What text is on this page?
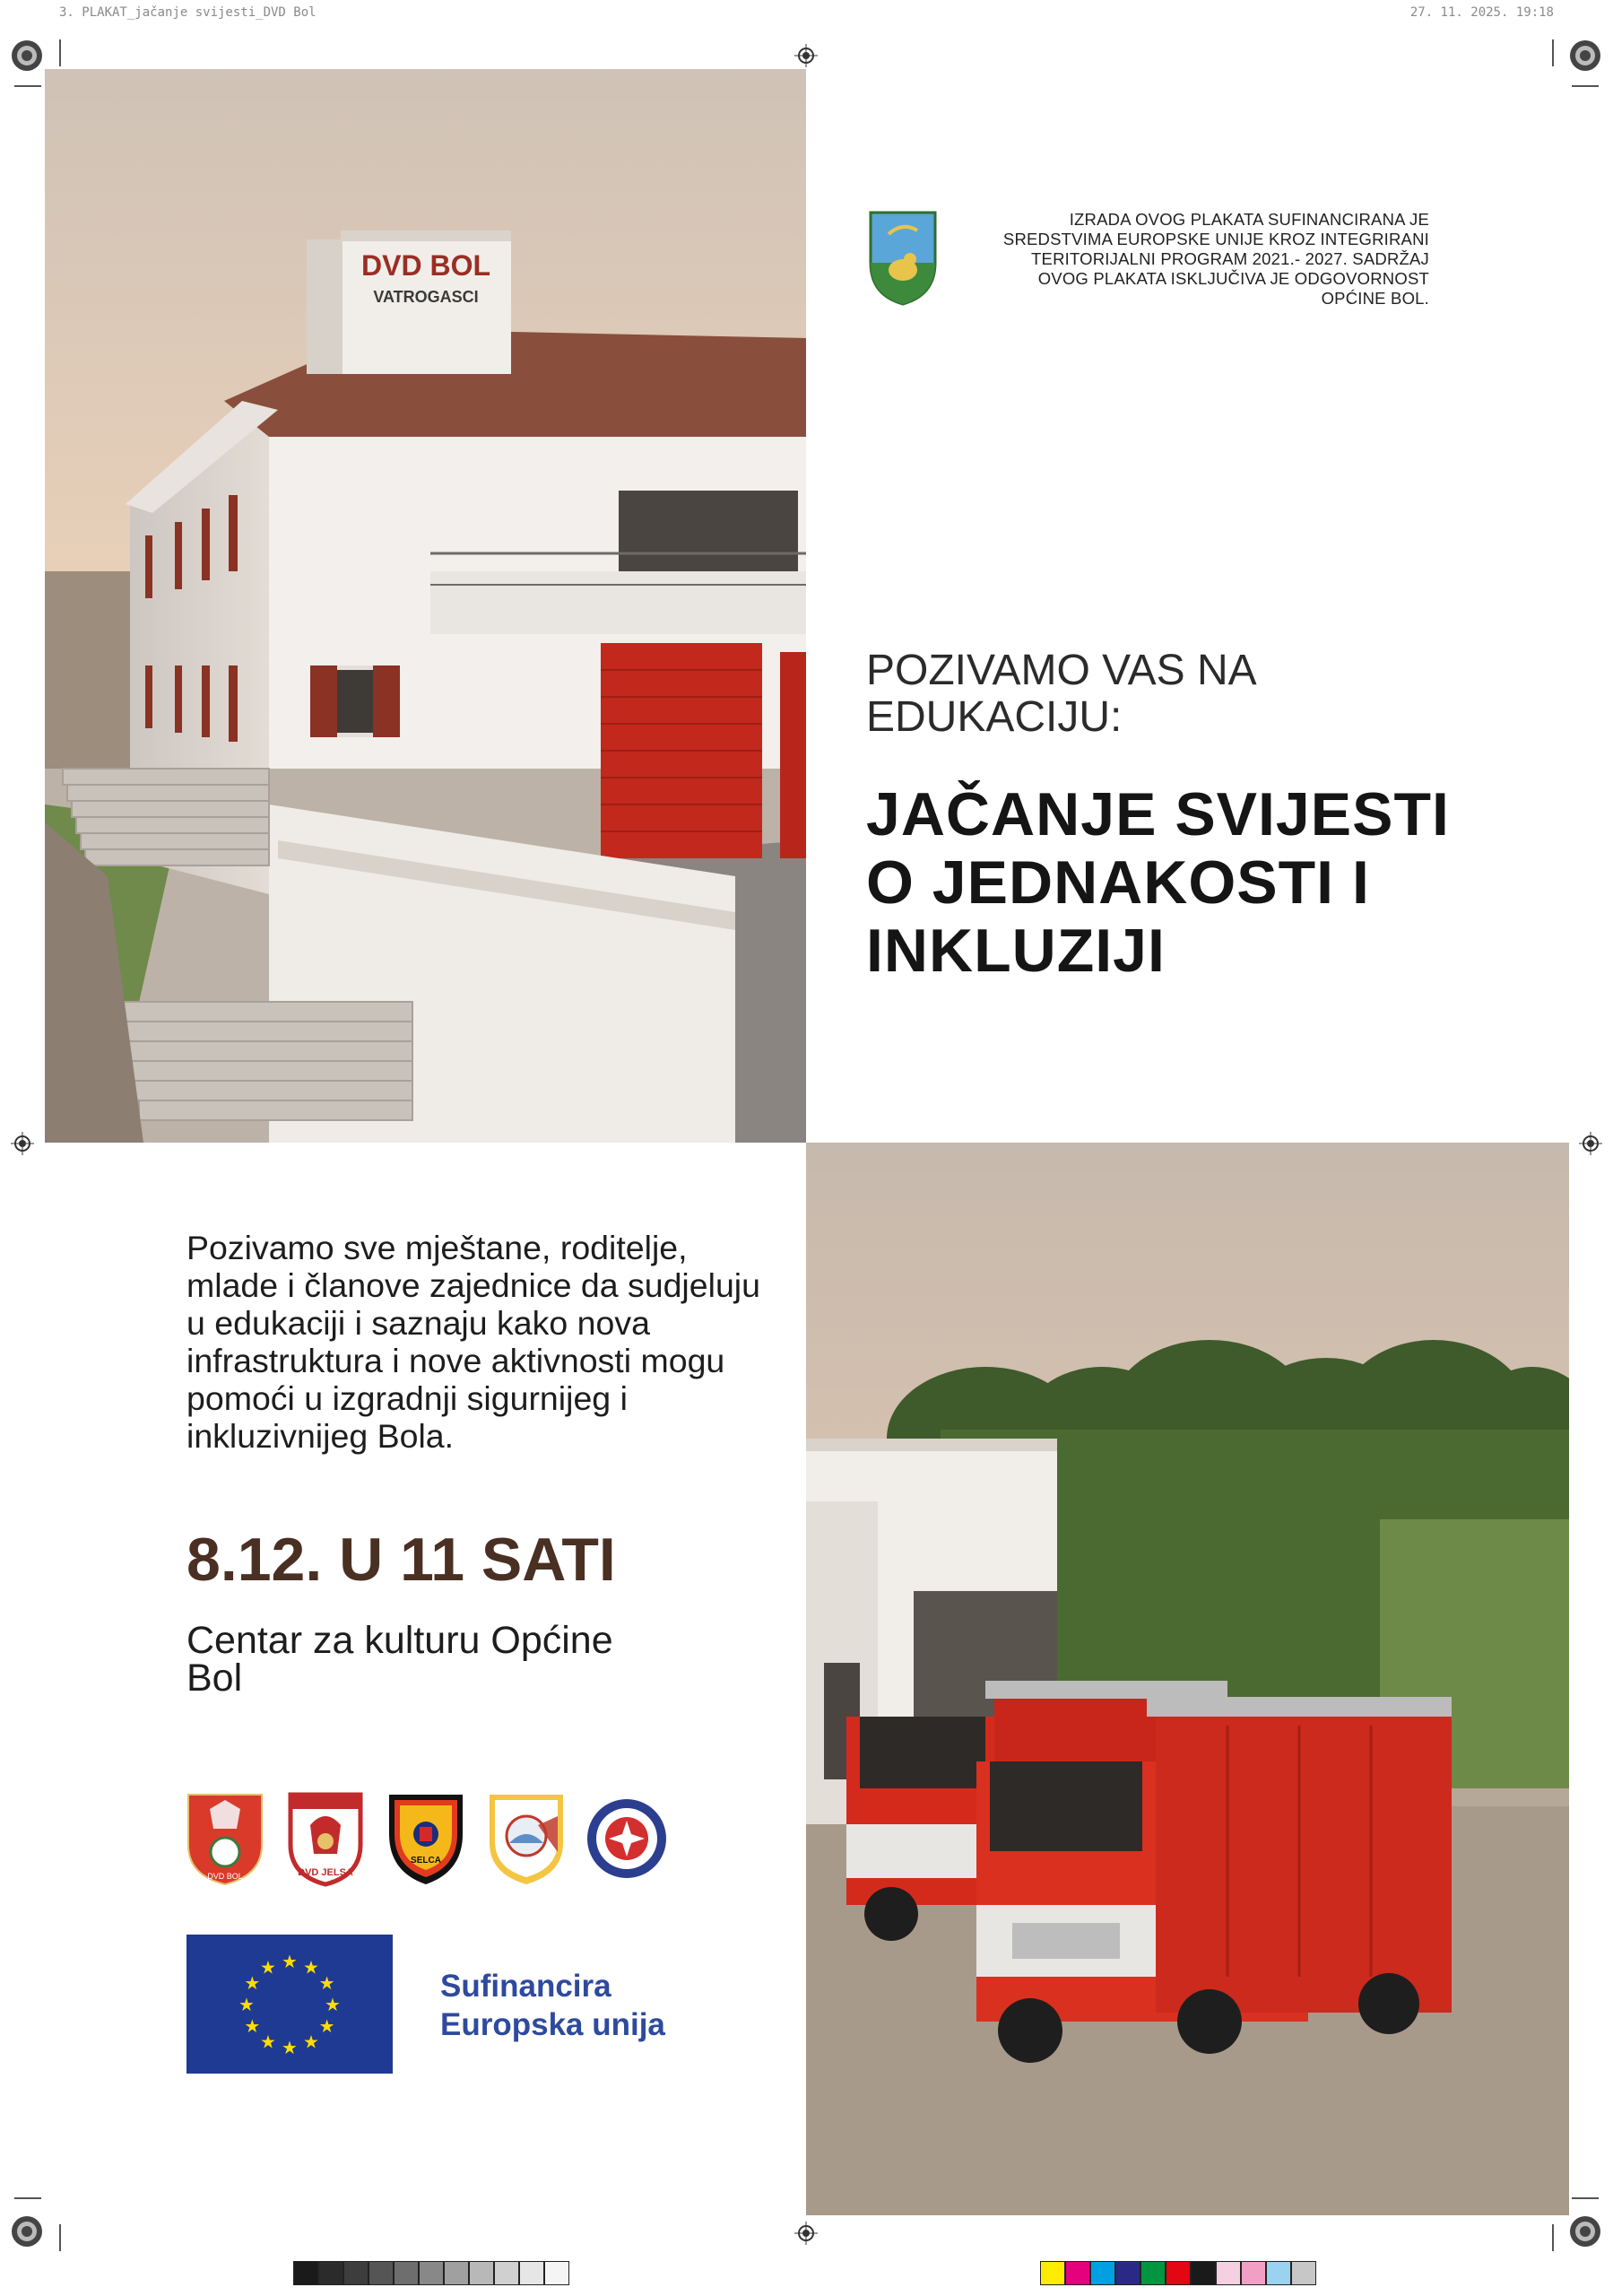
3. PLAKAT_jačanje svijesti_DVD Bol	27. 11. 2025. 19:18
DVD BOL
VATROGASCI
IZRADA OVOG PLAKATA SUFINANCIRANA JE SREDSTVIMA EUROPSKE UNIJE KROZ INTEGRIRANI TERITORIJALNI PROGRAM 2021.- 2027. SADRŽAJ OVOG PLAKATA ISKLJUČIVA JE ODGOVORNOST OPĆINE BOL.
POZIVAMO VAS NA EDUKACIJU:
JAČANJE SVIJESTI O JEDNAKOSTI I INKLUZIJI
Pozivamo sve mještane, roditelje, mlade i članove zajednice da sudjeluju u edukaciji i saznaju kako nova infrastruktura i nove aktivnosti mogu pomoći u izgradnji sigurnijeg i inkluzivnijeg Bola.
8.12. U 11 SATI
Centar za kulturu Općine Bol
DVD BOL	DVD JELSA
SELCA
★ ★
★
★
★
★
★
★
★
★
★
★
Sufinancira
Europska unija
